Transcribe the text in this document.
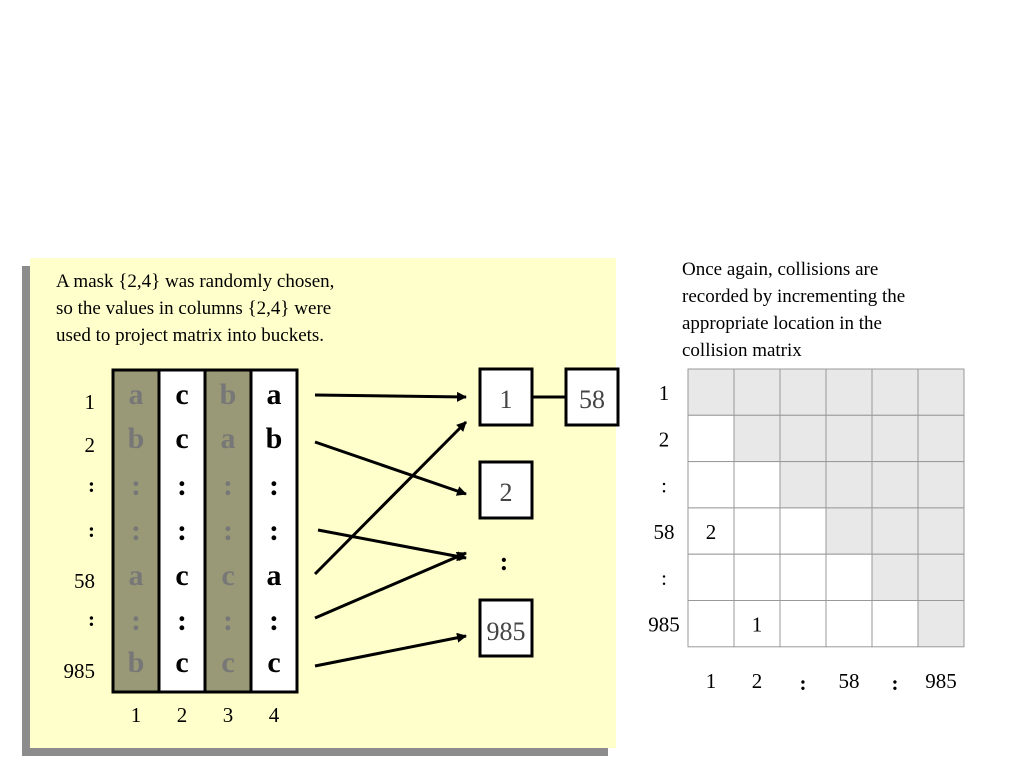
A mask {2,4} was randomly chosen,
so the values in columns {2,4} were
used to project matrix into buckets.
Once again, collisions are
recorded by incrementing the
appropriate location in the
collision matrix
1
a
b
:
:
a
:
b
2
c
c
:
:
c
:
c
3
b
a
:
:
c
:
c
4
a
b
:
:
a
:
c
1
2
:
:
58
:
985
1	58
2
:
985
1
2
:
58
:
985
1 2 : 58 : 985
2
1
